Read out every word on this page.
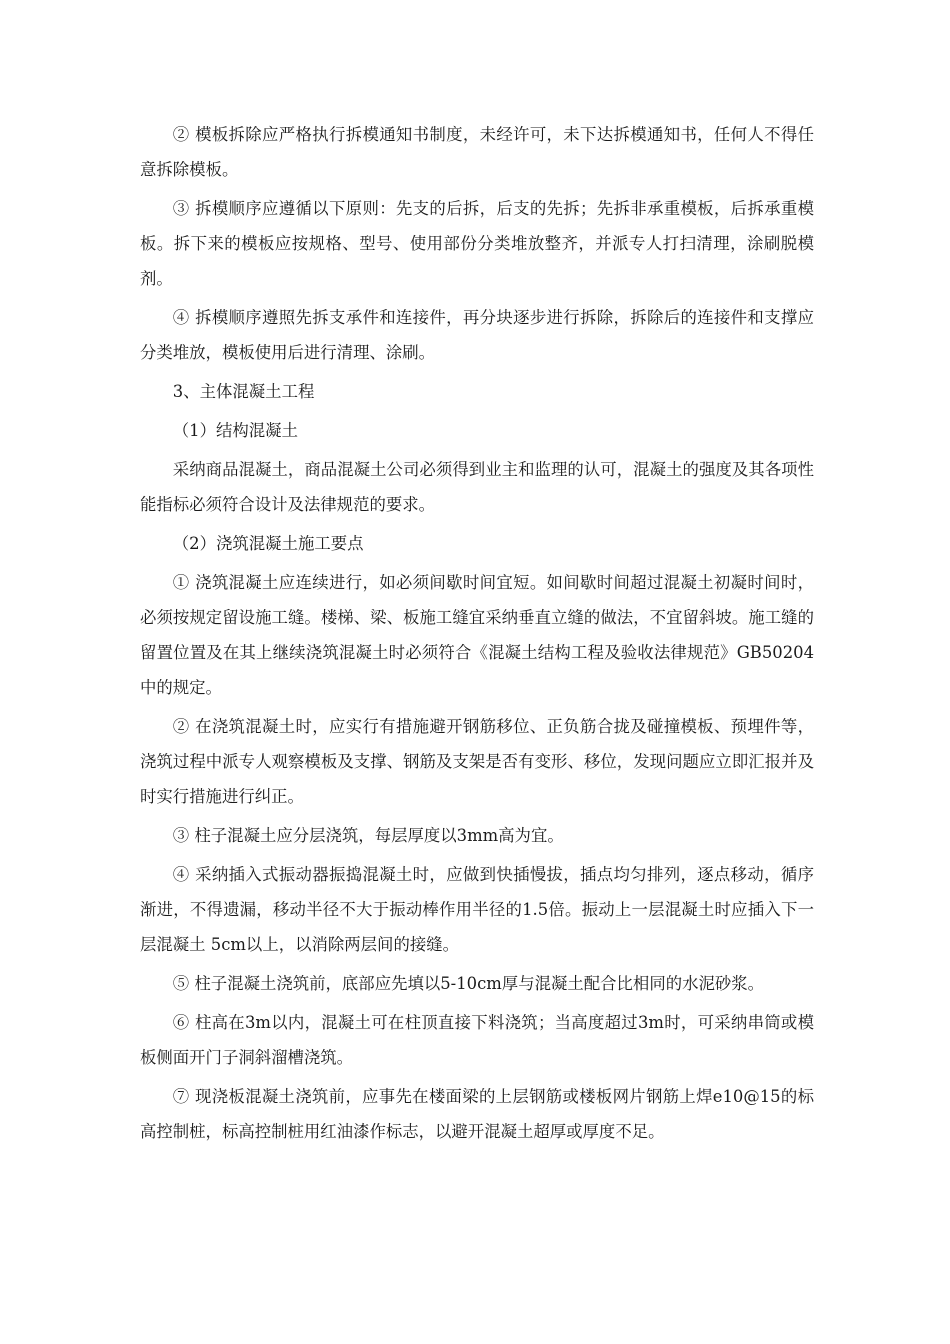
② 模板拆除应严格执行拆模通知书制度，未经许可，未下达拆模通知书，任何人不得任意拆除模板。

③ 拆模顺序应遵循以下原则：先支的后拆，后支的先拆；先拆非承重模板，后拆承重模板。拆下来的模板应按规格、型号、使用部份分类堆放整齐，并派专人打扫清理，涂刷脱模剂。

④ 拆模顺序遵照先拆支承件和连接件，再分块逐步进行拆除，拆除后的连接件和支撑应分类堆放，模板使用后进行清理、涂刷。

3、主体混凝土工程

（1）结构混凝土

采纳商品混凝土，商品混凝土公司必须得到业主和监理的认可，混凝土的强度及其各项性能指标必须符合设计及法律规范的要求。

（2）浇筑混凝土施工要点

① 浇筑混凝土应连续进行，如必须间歇时间宜短。如间歇时间超过混凝土初凝时间时，必须按规定留设施工缝。楼梯、梁、板施工缝宜采纳垂直立缝的做法，不宜留斜坡。施工缝的留置位置及在其上继续浇筑混凝土时必须符合《混凝土结构工程及验收法律规范》GB50204中的规定。

② 在浇筑混凝土时，应实行有措施避开钢筋移位、正负筋合拢及碰撞模板、预埋件等，浇筑过程中派专人观察模板及支撑、钢筋及支架是否有变形、移位，发现问题应立即汇报并及时实行措施进行纠正。

③ 柱子混凝土应分层浇筑，每层厚度以3mm高为宜。

④ 采纳插入式振动器振捣混凝土时，应做到快插慢拔，插点均匀排列，逐点移动，循序渐进，不得遗漏，移动半径不大于振动棒作用半径的1.5倍。振动上一层混凝土时应插入下一层混凝土 5cm以上，以消除两层间的接缝。

⑤ 柱子混凝土浇筑前，底部应先填以5-10cm厚与混凝土配合比相同的水泥砂浆。

⑥ 柱高在3m以内，混凝土可在柱顶直接下料浇筑；当高度超过3m时，可采纳串筒或模板侧面开门子洞斜溜槽浇筑。

⑦ 现浇板混凝土浇筑前，应事先在楼面梁的上层钢筋或楼板网片钢筋上焊e10@15的标高控制桩，标高控制桩用红油漆作标志，以避开混凝土超厚或厚度不足。
